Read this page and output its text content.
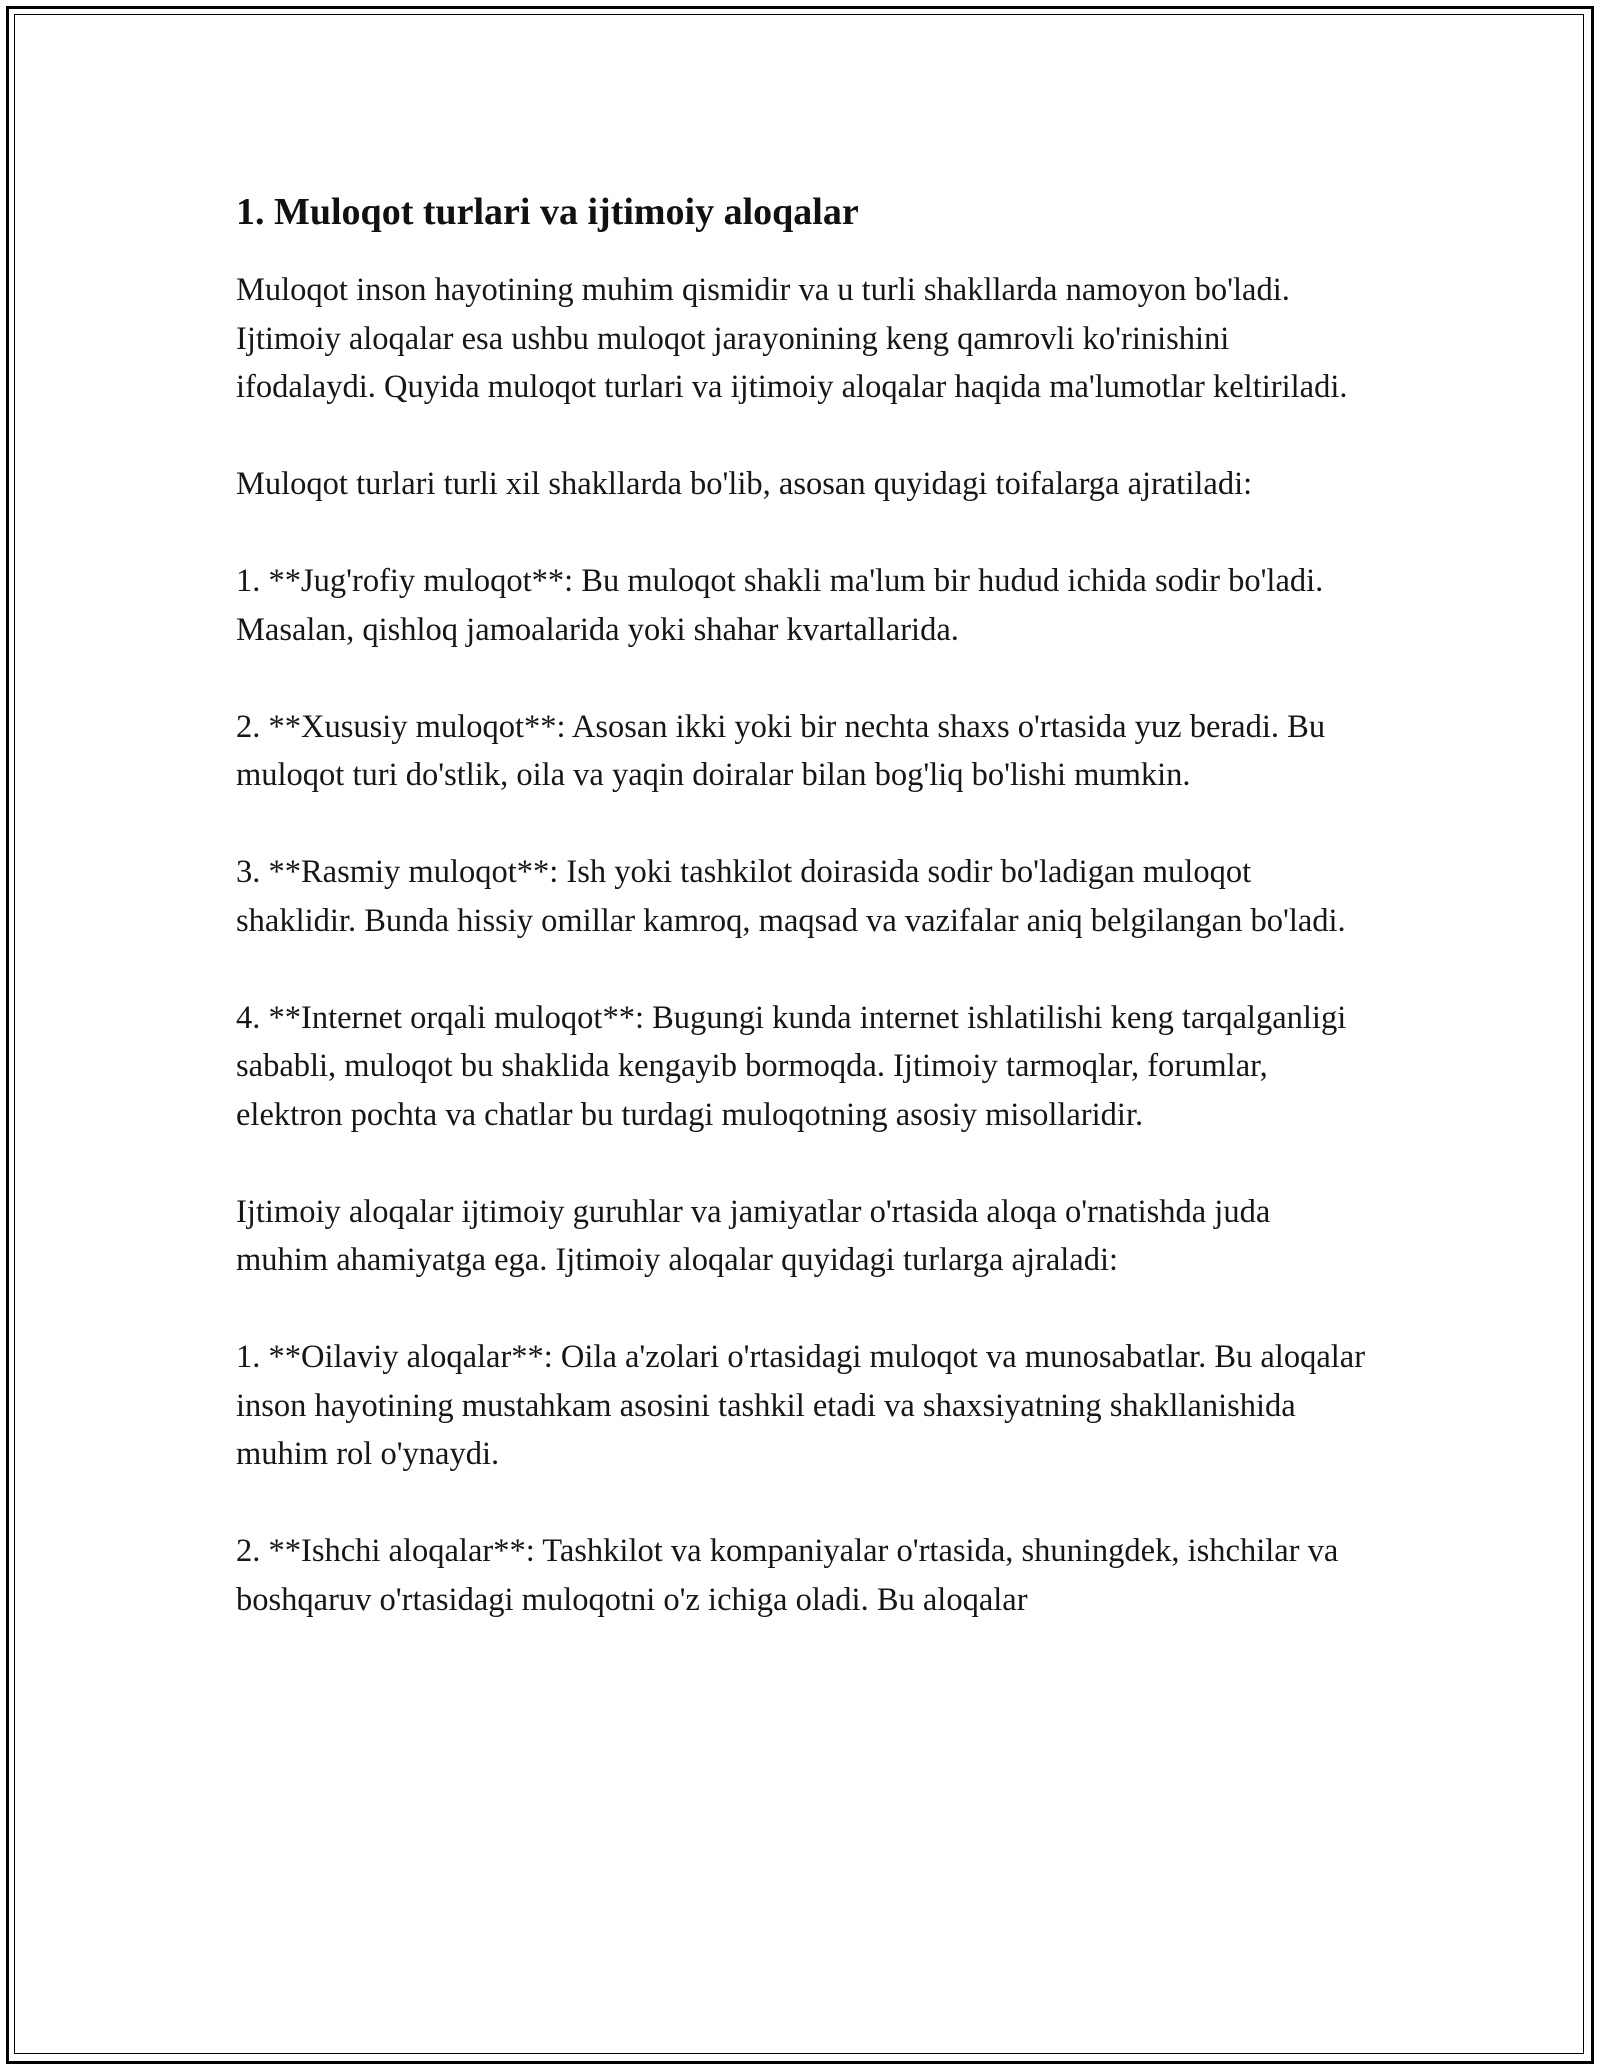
1. Muloqot turlari va ijtimoiy aloqalar

Muloqot inson hayotining muhim qismidir va u turli shakllarda namoyon bo'ladi. Ijtimoiy aloqalar esa ushbu muloqot jarayonining keng qamrovli ko'rinishini ifodalaydi. Quyida muloqot turlari va ijtimoiy aloqalar haqida ma'lumotlar keltiriladi.

Muloqot turlari turli xil shakllarda bo'lib, asosan quyidagi toifalarga ajratiladi:

1. **Jug'rofiy muloqot**: Bu muloqot shakli ma'lum bir hudud ichida sodir bo'ladi. Masalan, qishloq jamoalarida yoki shahar kvartallarida.

2. **Xususiy muloqot**: Asosan ikki yoki bir nechta shaxs o'rtasida yuz beradi. Bu muloqot turi do'stlik, oila va yaqin doiralar bilan bog'liq bo'lishi mumkin.

3. **Rasmiy muloqot**: Ish yoki tashkilot doirasida sodir bo'ladigan muloqot shaklidir. Bunda hissiy omillar kamroq, maqsad va vazifalar aniq belgilangan bo'ladi.

4. **Internet orqali muloqot**: Bugungi kunda internet ishlatilishi keng tarqalganligi sababli, muloqot bu shaklida kengayib bormoqda. Ijtimoiy tarmoqlar, forumlar, elektron pochta va chatlar bu turdagi muloqotning asosiy misollaridir.

Ijtimoiy aloqalar ijtimoiy guruhlar va jamiyatlar o'rtasida aloqa o'rnatishda juda muhim ahamiyatga ega. Ijtimoiy aloqalar quyidagi turlarga ajraladi:

1. **Oilaviy aloqalar**: Oila a'zolari o'rtasidagi muloqot va munosabatlar. Bu aloqalar inson hayotining mustahkam asosini tashkil etadi va shaxsiyatning shakllanishida muhim rol o'ynaydi.

2. **Ishchi aloqalar**: Tashkilot va kompaniyalar o'rtasida, shuningdek, ishchilar va boshqaruv o'rtasidagi muloqotni o'z ichiga oladi. Bu aloqalar
